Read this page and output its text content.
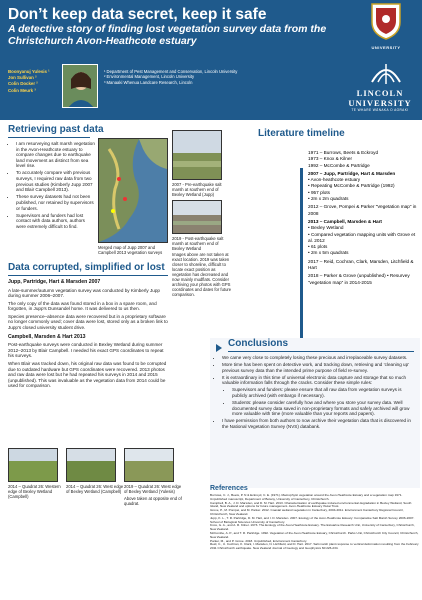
Don’t keep data secret, keep it safe
A detective story of finding lost vegetation survey data from the Christchurch Avon-Heathcote estuary
Boonyanuj Yulesis ¹
Jon Sullivan ²
Colin Docker ²
Colin Meurk ³
¹ Department of Pest Management and Conservation, Lincoln University
² Environmental Management, Lincoln University
³ Manaaki Whenua Landcare Research, Lincoln
UNIVERSITY
LINCOLN UNIVERSITY
TE WHARE WĀNAKA O AORAKI
Retrieving past data
• I am resurveying salt marsh vegetation in the Avon-Heathcote estuary to compare changes due to earthquake land movement as distinct from sea level rise.
• To accurately compare with previous surveys, I required raw data from two previous studies (Kimberly Jupp 2007 and Blair Campbell 2013).
• These survey datasets had not been published, nor retained by supervisors or funders.
• Supervisors and funders had lost contact with data authors, authors were extremely difficult to find.
Merged map of Jupp 2007 and Campbell 2013 vegetation surveys
Data corrupted, simplified or lost
Jupp, Partridge, Hart & Marsden 2007

A late-summer/autumn vegetation survey was conducted by Kimberly Jupp during summer 2006–2007.

The only copy of the data was found stored in a box in a spare room, and forgotten, in Jupp’s Dunsandel home. It was delivered to us then.

Species presence–absence data were recovered but in a proprietary software no longer commonly used; cover data were lost, stored only as a broken link to Jupp’s closed university student drive.

Campbell, Marsden & Hart 2013

Post-earthquake surveys were conducted in Bexley Wetland during summer 2012–2013 by Blair Campbell. I needed his exact GPS coordinates to repeat his surveys.

When Blair was tracked down, his original raw data was found to be corrupted due to outdated hardware but GPS coordinates were recovered. 2013 photos and raw data were lost but he had repeated his surveys in 2014 and 2015 (unpublished). This was invaluable as the vegetation data from 2014 could be used for comparison.

2007 - Pre-earthquake salt marsh at southern end of Bexley Wetland (Jupp)
2019 - Post-earthquake salt marsh at southern end of Bexley Wetland
Images above are not taken at exact location. 2019 was taken closer to shoreline, difficult to locate exact position as vegetation has decreased and now mainly mudflats. Consider archiving your photos with GPS coordinates and dates for future comparison.
2014 – Quadrat 26: Western edge of Bexley Wetland (Campbell)
2014 – Quadrat 26: West edge of Bexley Wetland (Campbell)
2019 – Quadrat 26: West edge of Bexley Wetland (Yulesis)
Above taken at opposite end of quadrat.
Literature timeline
1971 – Burrows, Beets & Eckroyd
1973 – Knox & Kilner
1992 – McCombe & Partridge
2007 – Jupp, Partridge, Hart & Marsden
• Avon-heathcote estuary
• Repeating McCombe & Partridge (1992)
• 957 plots
• 2m x 2m quadrats
2012 – Grove, Pompei & Parker “Vegetation map” in 2008
2013 – Campbell, Marsden & Hart
• Bexley Wetland
• Compared vegetation mapping units with Grove et al. 2012
• 61 plots
• 2m x 5m quadrats
2017 – Reid, Cochran, Clark, Marsden, Litchfield & Hart
2018 – Parker & Grove (unpublished) • Resurvey “vegetation map” in 2014-2015
Conclusions
• We came very close to completely losing these precious and irreplaceable survey datasets.
• More time has been spent on detective work, and tracking down, retrieving and ‘cleaning up’ previous survey data than the intended prime purpose of field re-survey.
• It is extraordinary in this time of universal electronic data capture and storage that so much valuable information falls through the cracks. Consider these simple rules:
• Supervisors and funders: please ensure that all raw data from vegetation surveys is publicly archived (with embargo if necessary).
• Students: please consider carefully how and where you store your survey data. Well documented survey data saved in non-proprietary formats and safely archived will grow more valuable with time (more valuable than your reports and papers).
• I have permission from both authors to now archive their vegetation data that is discovered in the National Vegetation Survey (NVS) databank.
References
Burrows, C. J., Beets, P. N & Eckroyd, C. E. (1971). Macrophytic vegetation around the Avon-Heathcote Estuary and a vegetation map 1971. Unpublished manuscript, Department of Botany, University of Canterbury, Christchurch.
Campbell, B. A., J. D. Marsden, and D. M. Hart. 2013. Characterisation of earthquake induced environmental degradation in Bexley Wetland, South Island, New Zealand and options for future management. Avon-Heathcote Estuary Ihutai Trust.
Grove, P., M. Pompei, and M. Parker. 2012. Coastal wetland vegetation in Canterbury, 2004-2011. Environment Canterbury Regional Council, Christchurch, New Zealand.
Jupp, K. L., T. R. Partridge, D. M. Hart, and I. D. Marsden. 2007. Ecology of the Avon-Heathcote Estuary: Comparative Salt Marsh Survey 2006-2007. School of Biological Sciences University of Canterbury.
Knox, G. A., and A. R. Kilner. 1973. The Ecology of the Avon-Heathcote Estuary. The Estuarine Research Unit, University of Canterbury, Christchurch, New Zealand.
McCombe, A. P., and T. R. Partridge. 1992. Vegetation of the Avon-Heathcote Estuary, Christchurch. Parks Unit, Christchurch City Council, Christchurch, New Zealand.
Parker, M., and P. Grove. 2018. Unpublished, Environment Canterbury.
Reid, C., U. Cochran, K. Clark, I. Marsden, N. Litchfield, and D. Hart. 2017. Salt marsh plant response to vertical deformation resulting from the February 2011 Christchurch earthquake. New Zealand Journal of Geology and Geophysics 60:226-234.
